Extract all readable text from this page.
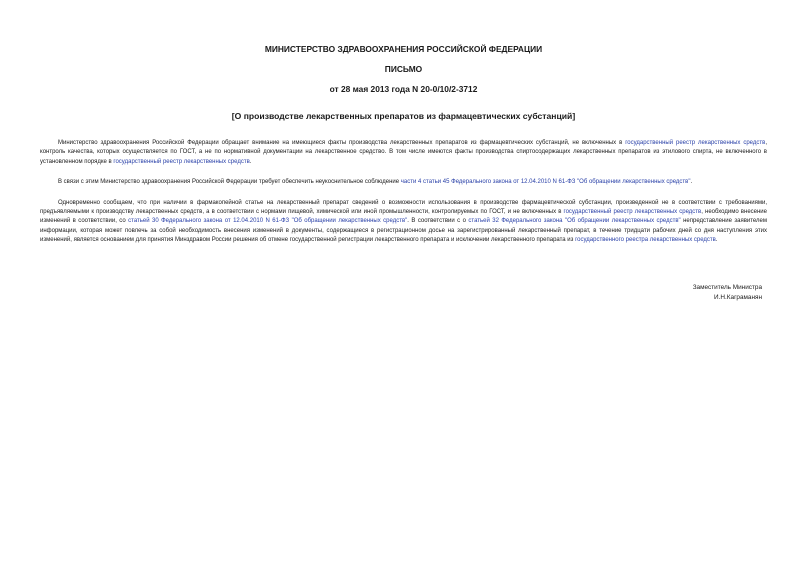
МИНИСТЕРСТВО ЗДРАВООХРАНЕНИЯ РОССИЙСКОЙ ФЕДЕРАЦИИ

ПИСЬМО

от 28 мая 2013 года N 20-0/10/2-3712

[О производстве лекарственных препаратов из фармацевтических субстанций]

Министерство здравоохранения Российской Федерации обращает внимание на имеющиеся факты производства лекарственных препаратов из фармацевтических субстанций, не включенных в государственный реестр лекарственных средств, контроль качества, которых осуществляется по ГОСТ, а не по нормативной документации на лекарственное средство. В том числе имеются факты производства спиртосодержащих лекарственных препаратов из этилового спирта, не включенного в установленном порядке в государственный реестр лекарственных средств.

В связи с этим Министерство здравоохранения Российской Федерации требует обеспечить неукоснительное соблюдение части 4 статьи 45 Федерального закона от 12.04.2010 N 61-ФЗ "Об обращении лекарственных средств".

Одновременно сообщаем, что при наличии в фармакопейной статье на лекарственный препарат сведений о возможности использования в производстве фармацевтической субстанции, произведенной не в соответствии с требованиями, предъявляемыми к производству лекарственных средств, а в соответствии с нормами пищевой, химической или иной промышленности, контролируемых по ГОСТ, и не включенных в государственный реестр лекарственных средств, необходимо внесение изменений в соответствии, со статьей 30 Федерального закона от 12.04.2010 N 61-ФЗ "Об обращении лекарственных средств". В соответствии с о статьей 32 Федерального закона "Об обращении лекарственных средств" непредставление заявителем информации, которая может повлечь за собой необходимость внесения изменений в документы, содержащиеся в регистрационном досье на зарегистрированный лекарственный препарат, в течение тридцати рабочих дней со дня наступления этих изменений, является основанием для принятия Минздравом России решения об отмене государственной регистрации лекарственного препарата и исключении лекарственного препарата из государственного реестра лекарственных средств.

Заместитель Министра
И.Н.Каграманян
